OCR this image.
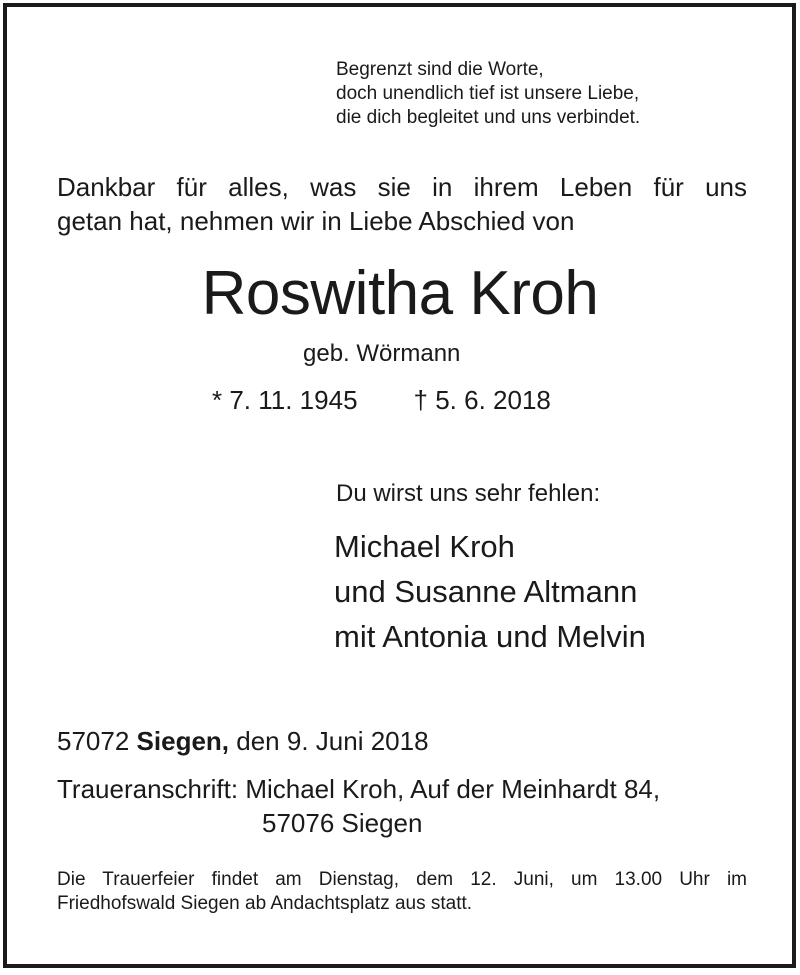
Begrenzt sind die Worte,
doch unendlich tief ist unsere Liebe,
die dich begleitet und uns verbindet.
Dankbar für alles, was sie in ihrem Leben für uns
getan hat, nehmen wir in Liebe Abschied von
Roswitha Kroh
geb. Wörmann
* 7. 11. 1945 † 5. 6. 2018
Du wirst uns sehr fehlen:
Michael Kroh
und Susanne Altmann
mit Antonia und Melvin
57072 Siegen, den 9. Juni 2018
Traueranschrift: Michael Kroh, Auf der Meinhardt 84,
57076 Siegen
Die Trauerfeier findet am Dienstag, dem 12. Juni, um 13.00 Uhr im
Friedhofswald Siegen ab Andachtsplatz aus statt.
